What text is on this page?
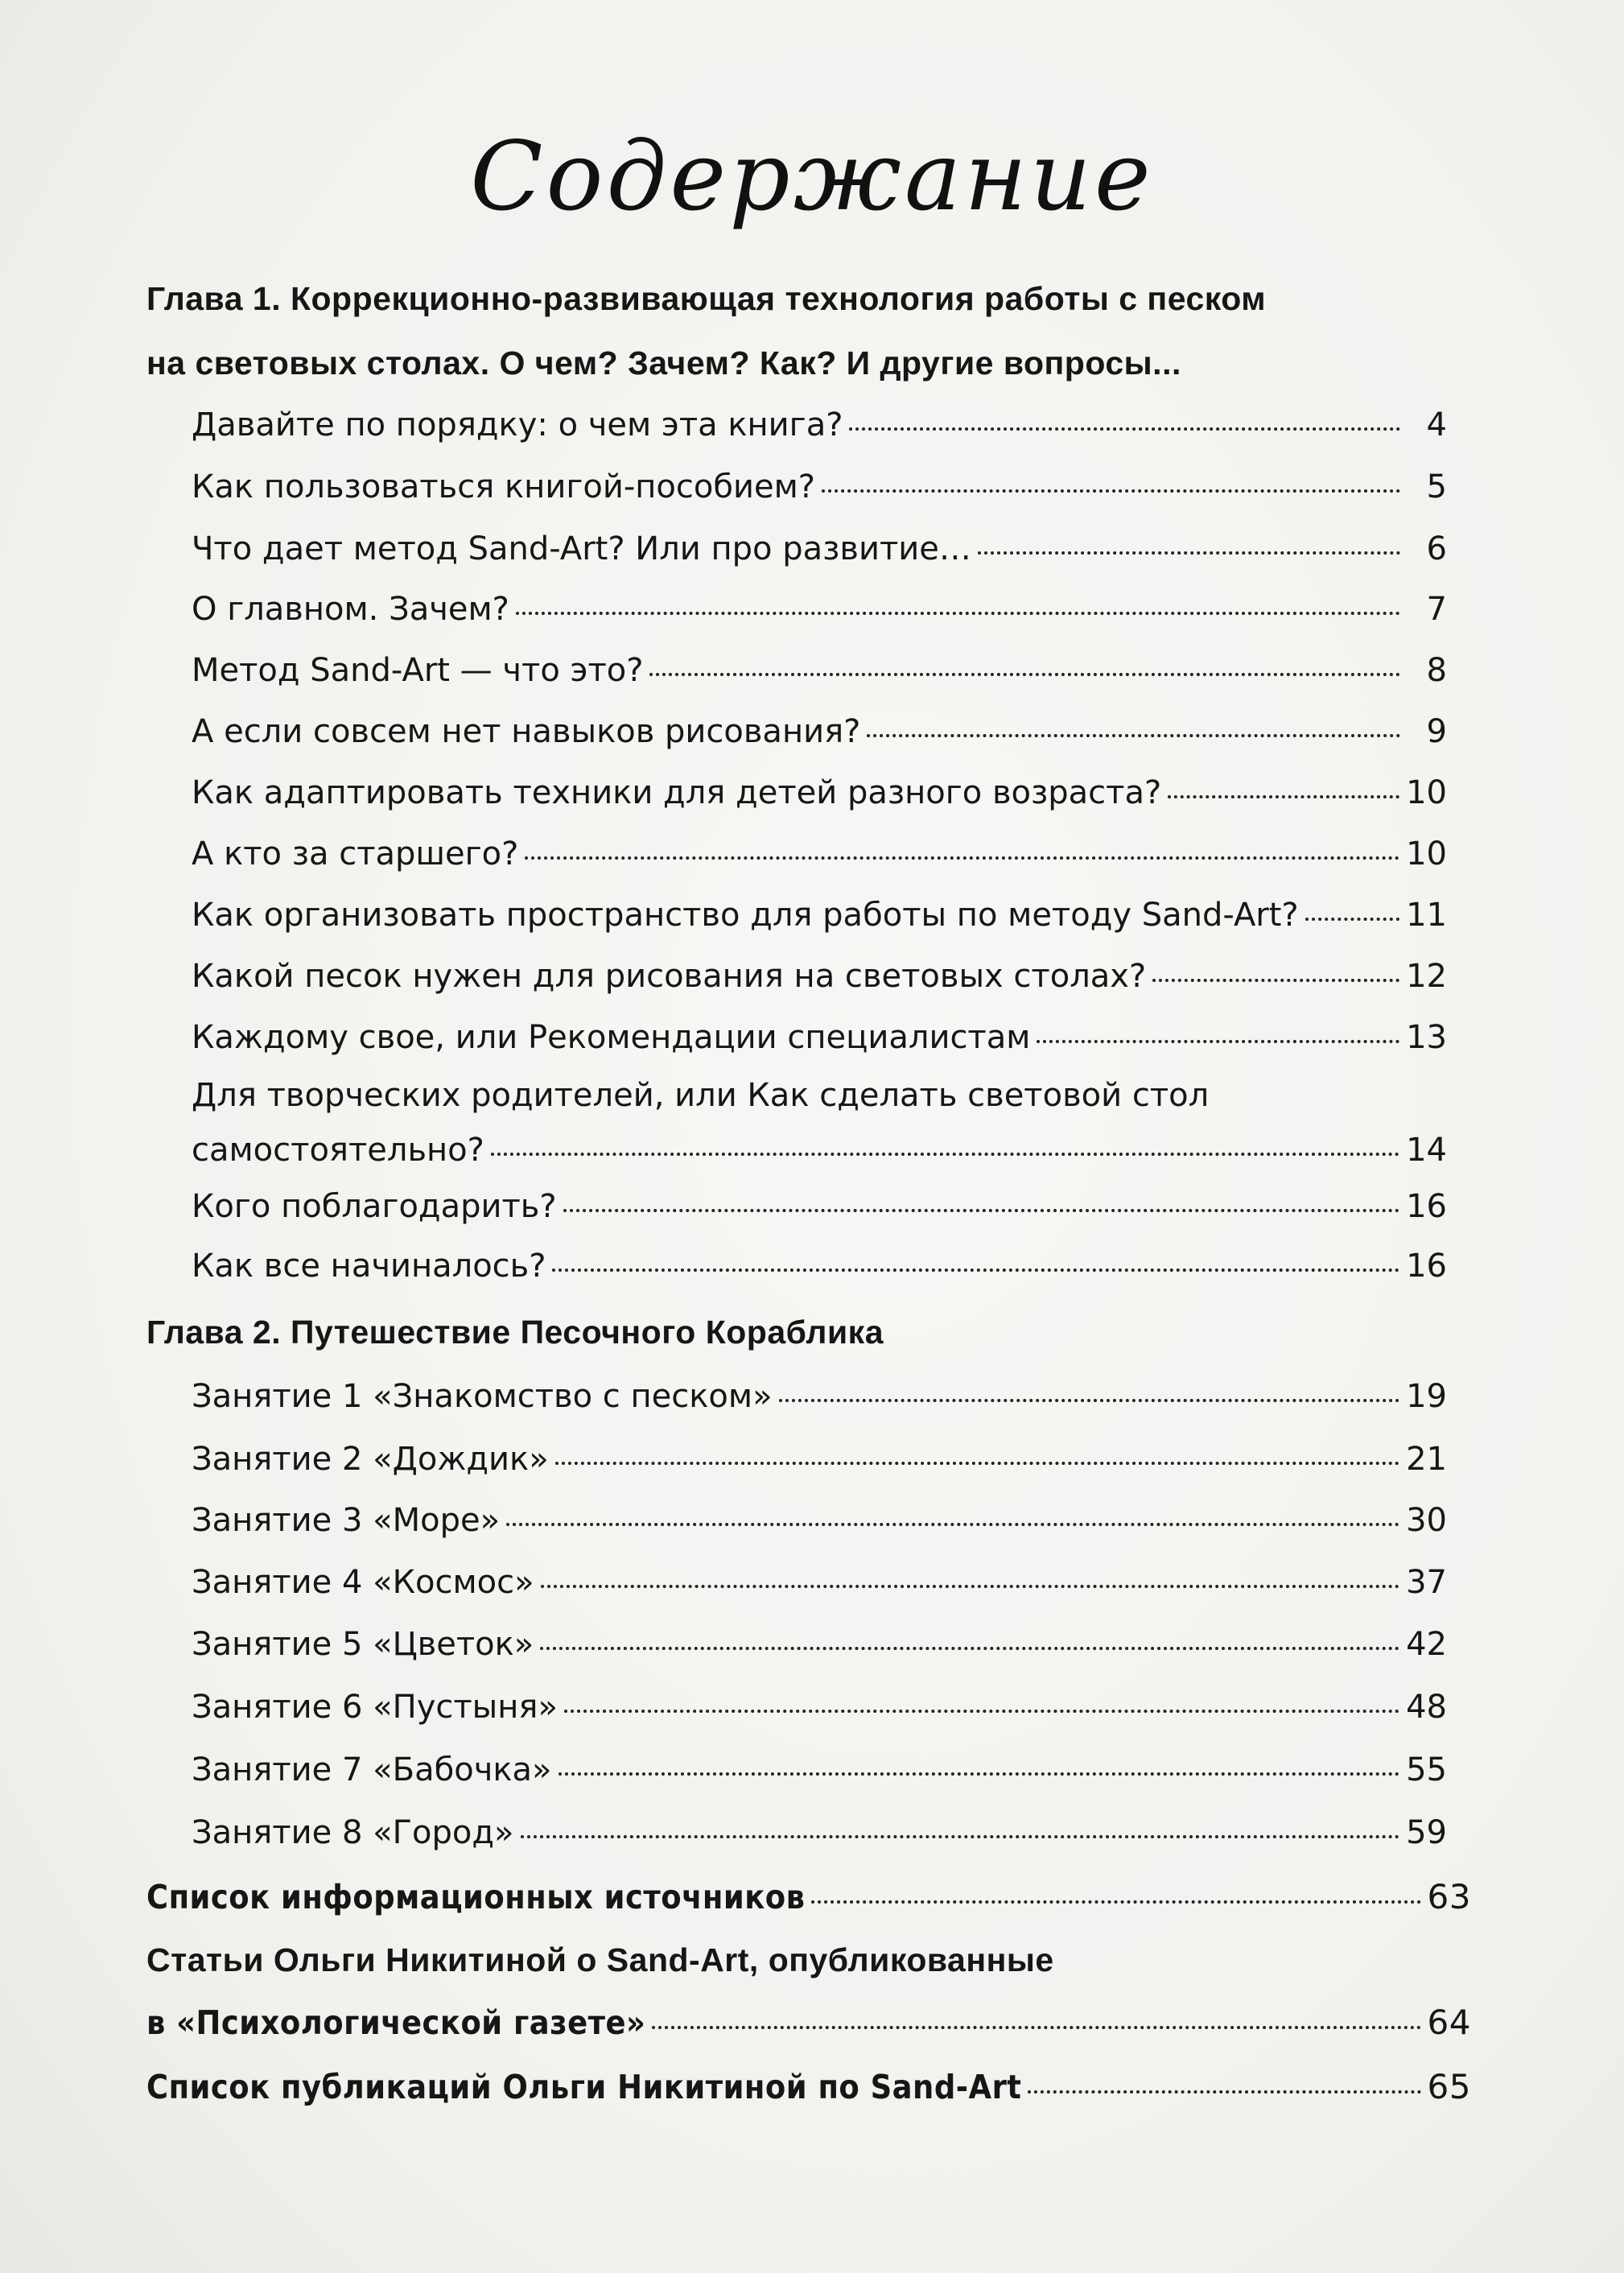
Содержание
Глава 1. Коррекционно-развивающая технология работы с песком
на световых столах. О чем? Зачем? Как? И другие вопросы...
Давайте по порядку: о чем эта книга?	4
Как пользоваться книгой-пособием?	5
Что дает метод Sand-Art? Или про развитие…	6
О главном. Зачем?	7
Метод Sand-Art — что это?	8
А если совсем нет навыков рисования?	9
Как адаптировать техники для детей разного возраста?	10
А кто за старшего?	10
Как организовать пространство для работы по методу Sand-Art?	11
Какой песок нужен для рисования на световых столах?	12
Каждому свое, или Рекомендации специалистам	13
Для творческих родителей, или Как сделать световой стол
самостоятельно?	14
Кого поблагодарить?	16
Как все начиналось?	16
Глава 2. Путешествие Песочного Кораблика
Занятие 1 «Знакомство с песком»	19
Занятие 2 «Дождик»	21
Занятие 3 «Море»	30
Занятие 4 «Космос»	37
Занятие 5 «Цветок»	42
Занятие 6 «Пустыня»	48
Занятие 7 «Бабочка»	55
Занятие 8 «Город»	59
Список информационных источников	63
Статьи Ольги Никитиной о Sand-Art, опубликованные
в «Психологической газете»	64
Список публикаций Ольги Никитиной по Sand-Art	65
